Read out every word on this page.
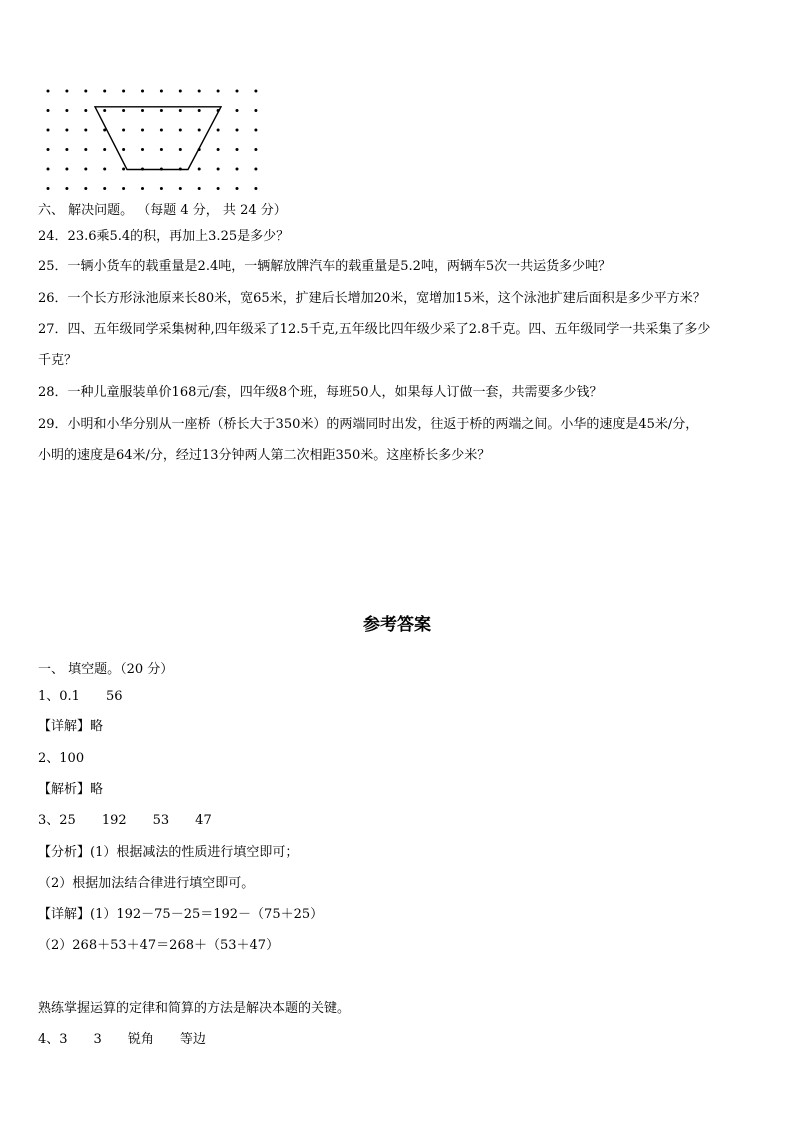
六、 解决问题。 （每题 4 分， 共 24 分）
24．23.6乘5.4的积，再加上3.25是多少？
25．一辆小货车的载重量是2.4吨，一辆解放牌汽车的载重量是5.2吨，两辆车5次一共运货多少吨？
26．一个长方形泳池原来长80米，宽65米，扩建后长增加20米，宽增加15米，这个泳池扩建后面积是多少平方米？
27．四、五年级同学采集树种,四年级采了12.5千克,五年级比四年级少采了2.8千克。四、五年级同学一共采集了多少
千克？
28．一种儿童服装单价168元/套，四年级8个班，每班50人，如果每人订做一套，共需要多少钱？
29．小明和小华分别从一座桥（桥长大于350米）的两端同时出发，往返于桥的两端之间。小华的速度是45米/分，
小明的速度是64米/分，经过13分钟两人第二次相距350米。这座桥长多少米？
参考答案
一、 填空题。（20 分）
1、0.1　　56
【详解】略
2、100
【解析】略
3、25　　192　　53　　47
【分析】(1）根据减法的性质进行填空即可；
（2）根据加法结合律进行填空即可。
【详解】(1）192－75－25＝192－（75＋25）
（2）268＋53＋47＝268＋（53＋47）
熟练掌握运算的定律和简算的方法是解决本题的关键。
4、3　　3　　锐角　　等边
